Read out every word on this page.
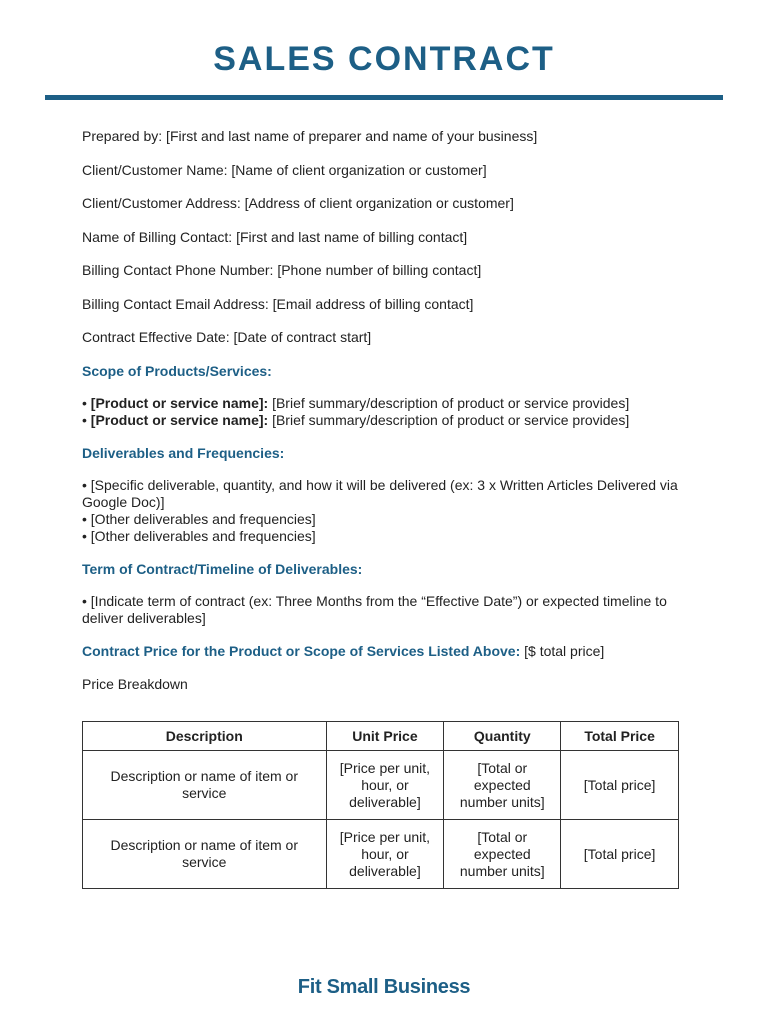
SALES CONTRACT
Prepared by: [First and last name of preparer and name of your business]
Client/Customer Name: [Name of client organization or customer]
Client/Customer Address: [Address of client organization or customer]
Name of Billing Contact: [First and last name of billing contact]
Billing Contact Phone Number: [Phone number of billing contact]
Billing Contact Email Address: [Email address of billing contact]
Contract Effective Date: [Date of contract start]
Scope of Products/Services:
• [Product or service name]: [Brief summary/description of product or service provides]
• [Product or service name]: [Brief summary/description of product or service provides]
Deliverables and Frequencies:
• [Specific deliverable, quantity, and how it will be delivered (ex: 3 x Written Articles Delivered via Google Doc)]
• [Other deliverables and frequencies]
• [Other deliverables and frequencies]
Term of Contract/Timeline of Deliverables:
• [Indicate term of contract (ex: Three Months from the “Effective Date”) or expected timeline to deliver deliverables]
Contract Price for the Product or Scope of Services Listed Above: [$ total price]
Price Breakdown
Description	Unit Price	Quantity	Total Price
Description or name of item or service	[Price per unit, hour, or deliverable]	[Total or expected number units]	[Total price]
Description or name of item or service	[Price per unit, hour, or deliverable]	[Total or expected number units]	[Total price]
Fit Small Business
